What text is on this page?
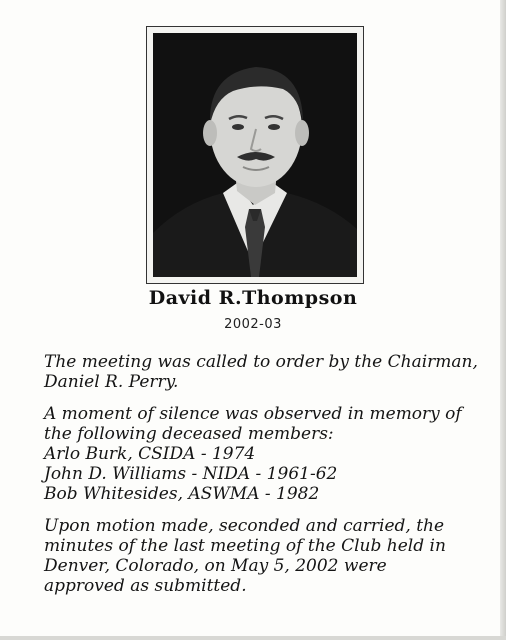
David R.Thompson
2002-03
The meeting was called to order by the Chairman,
Daniel R. Perry.
A moment of silence was observed in memory of
the following deceased members:
Arlo Burk, CSIDA - 1974
John D. Williams - NIDA - 1961-62
Bob Whitesides, ASWMA - 1982
Upon motion made, seconded and carried, the
minutes of the last meeting of the Club held in
Denver, Colorado, on May 5, 2002 were
approved as submitted.
